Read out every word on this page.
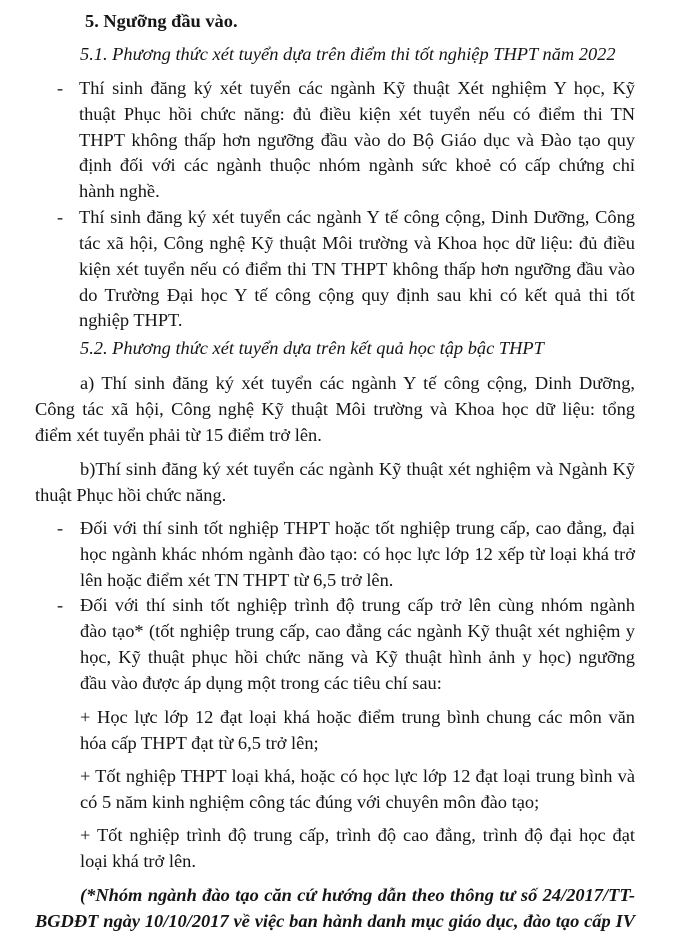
5. Ngưỡng đầu vào.
5.1. Phương thức xét tuyển dựa trên điểm thi tốt nghiệp THPT năm 2022
- Thí sinh đăng ký xét tuyển các ngành Kỹ thuật Xét nghiệm Y học, Kỹ
thuật Phục hồi chức năng: đủ điều kiện xét tuyển nếu có điểm thi TN
THPT không thấp hơn ngưỡng đầu vào do Bộ Giáo dục và Đào tạo quy
định đối với các ngành thuộc nhóm ngành sức khoẻ có cấp chứng chỉ
hành nghề.
- Thí sinh đăng ký xét tuyển các ngành Y tế công cộng, Dinh Dưỡng, Công
tác xã hội, Công nghệ Kỹ thuật Môi trường và Khoa học dữ liệu: đủ điều
kiện xét tuyển nếu có điểm thi TN THPT không thấp hơn ngưỡng đầu vào
do Trường Đại học Y tế công cộng quy định sau khi có kết quả thi tốt
nghiệp THPT.
5.2. Phương thức xét tuyển dựa trên kết quả học tập bậc THPT
a) Thí sinh đăng ký xét tuyển các ngành Y tế công cộng, Dinh Dưỡng,
Công tác xã hội, Công nghệ Kỹ thuật Môi trường và Khoa học dữ liệu: tổng
điểm xét tuyển phải từ 15 điểm trở lên.
b)Thí sinh đăng ký xét tuyển các ngành Kỹ thuật xét nghiệm và Ngành Kỹ
thuật Phục hồi chức năng.
- Đối với thí sinh tốt nghiệp THPT hoặc tốt nghiệp trung cấp, cao đẳng, đại
học ngành khác nhóm ngành đào tạo: có học lực lớp 12 xếp từ loại khá trở
lên hoặc điểm xét TN THPT từ 6,5 trở lên.
- Đối với thí sinh tốt nghiệp trình độ trung cấp trở lên cùng nhóm ngành
đào tạo* (tốt nghiệp trung cấp, cao đẳng các ngành Kỹ thuật xét nghiệm y
học, Kỹ thuật phục hồi chức năng và Kỹ thuật hình ảnh y học) ngưỡng
đầu vào được áp dụng một trong các tiêu chí sau:
+ Học lực lớp 12 đạt loại khá hoặc điểm trung bình chung các môn văn
hóa cấp THPT đạt từ 6,5 trở lên;
+ Tốt nghiệp THPT loại khá, hoặc có học lực lớp 12 đạt loại trung bình và
có 5 năm kinh nghiệm công tác đúng với chuyên môn đào tạo;
+ Tốt nghiệp trình độ trung cấp, trình độ cao đẳng, trình độ đại học đạt
loại khá trở lên.
(*Nhóm ngành đào tạo căn cứ hướng dẫn theo thông tư số 24/2017/TT-
BGDĐT ngày 10/10/2017 về việc ban hành danh mục giáo dục, đào tạo cấp IV
